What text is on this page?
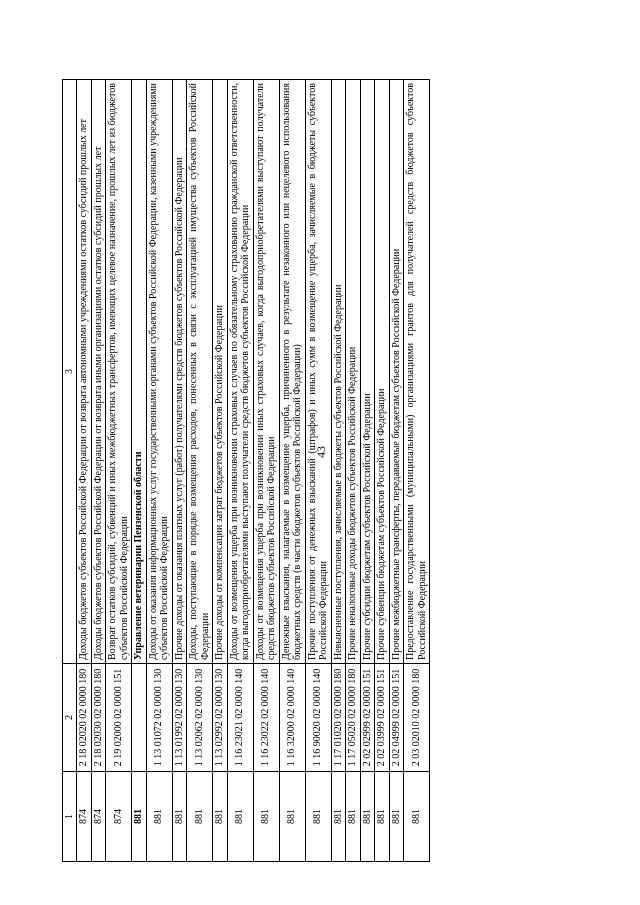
43
1	2	3
874	2 18 02020 02 0000 180	Доходы бюджетов субъектов Российской Федерации от возврата автономными учреждениями остатков субсидий прошлых лет
874	2 18 02030 02 0000 180	Доходы бюджетов субъектов Российской Федерации от возврата иными организациями остатков субсидий прошлых лет
874	2 19 02000 02 0000 151	Возврат остатков субсидий, субвенций и иных межбюджетных трансфертов, имеющих целевое назначение, прошлых лет из бюджетов субъектов Российской Федерации
881		Управление ветеринарии Пензенской области
881	1 13 01072 02 0000 130	Доходы от оказания информационных услуг государственными органами субъектов Российской Федерации, казенными учреждениями субъектов Российской Федерации
881	1 13 01992 02 0000 130	Прочие доходы от оказания платных услуг (работ) получателями средств бюджетов субъектов Российской Федерации
881	1 13 02062 02 0000 130	Доходы, поступающие в порядке возмещения расходов, понесенных в связи с эксплуатацией имущества субъектов Российской Федерации
881	1 13 02992 02 0000 130	Прочие доходы от компенсации затрат бюджетов субъектов Российской Федерации
881	1 16 23021 02 0000 140	Доходы от возмещения ущерба при возникновении страховых случаев по обязательному страхованию гражданской ответственности, когда выгодоприобретателями выступают получатели средств бюджетов субъектов Российской Федерации
881	1 16 23022 02 0000 140	Доходы от возмещения ущерба при возникновении иных страховых случаев, когда выгодоприобретателями выступают получатели средств бюджетов субъектов Российской Федерации
881	1 16 32000 02 0000 140	Денежные взыскания, налагаемые в возмещение ущерба, причиненного в результате незаконного или нецелевого использования бюджетных средств (в части бюджетов субъектов Российской Федерации)
881	1 16 90020 02 0000 140	Прочие поступления от денежных взысканий (штрафов) и иных сумм в возмещение ущерба, зачисляемые в бюджеты субъектов Российской Федерации
881	1 17 01020 02 0000 180	Невыясненные поступления, зачисляемые в бюджеты субъектов Российской Федерации
881	1 17 05020 02 0000 180	Прочие неналоговые доходы бюджетов субъектов Российской Федерации
881	2 02 02999 02 0000 151	Прочие субсидии бюджетам субъектов Российской Федерации
881	2 02 03999 02 0000 151	Прочие субвенции бюджетам субъектов Российской Федерации
881	2 02 04999 02 0000 151	Прочие межбюджетные трансферты, передаваемые бюджетам субъектов Российской Федерации
881	2 03 02010 02 0000 180	Предоставление государственными (муниципальными) организациями грантов для получателей средств бюджетов субъектов Российской Федерации
